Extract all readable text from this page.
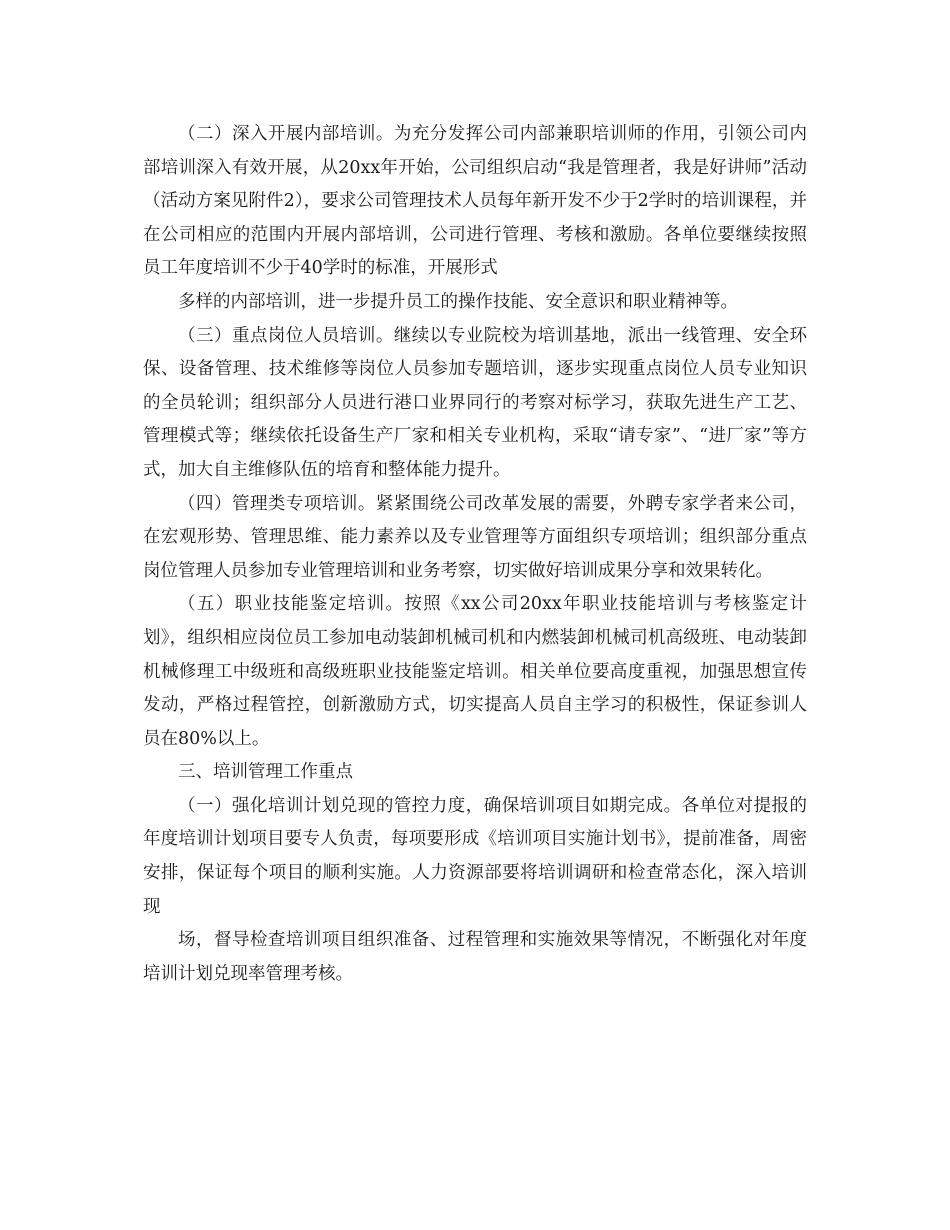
（二）深入开展内部培训。为充分发挥公司内部兼职培训师的作用，引领公司内部培训深入有效开展，从20xx年开始，公司组织启动“我是管理者，我是好讲师”活动（活动方案见附件2），要求公司管理技术人员每年新开发不少于2学时的培训课程，并在公司相应的范围内开展内部培训，公司进行管理、考核和激励。各单位要继续按照员工年度培训不少于40学时的标准，开展形式

多样的内部培训，进一步提升员工的操作技能、安全意识和职业精神等。

（三）重点岗位人员培训。继续以专业院校为培训基地，派出一线管理、安全环保、设备管理、技术维修等岗位人员参加专题培训，逐步实现重点岗位人员专业知识的全员轮训；组织部分人员进行港口业界同行的考察对标学习，获取先进生产工艺、管理模式等；继续依托设备生产厂家和相关专业机构，采取“请专家”、“进厂家”等方式，加大自主维修队伍的培育和整体能力提升。

（四）管理类专项培训。紧紧围绕公司改革发展的需要，外聘专家学者来公司，在宏观形势、管理思维、能力素养以及专业管理等方面组织专项培训；组织部分重点岗位管理人员参加专业管理培训和业务考察，切实做好培训成果分享和效果转化。

（五）职业技能鉴定培训。按照《xx公司20xx年职业技能培训与考核鉴定计划》，组织相应岗位员工参加电动装卸机械司机和内燃装卸机械司机高级班、电动装卸机械修理工中级班和高级班职业技能鉴定培训。相关单位要高度重视，加强思想宣传发动，严格过程管控，创新激励方式，切实提高人员自主学习的积极性，保证参训人员在80%以上。

三、培训管理工作重点

（一）强化培训计划兑现的管控力度，确保培训项目如期完成。各单位对提报的年度培训计划项目要专人负责，每项要形成《培训项目实施计划书》，提前准备，周密安排，保证每个项目的顺利实施。人力资源部要将培训调研和检查常态化，深入培训现

场，督导检查培训项目组织准备、过程管理和实施效果等情况，不断强化对年度培训计划兑现率管理考核。
